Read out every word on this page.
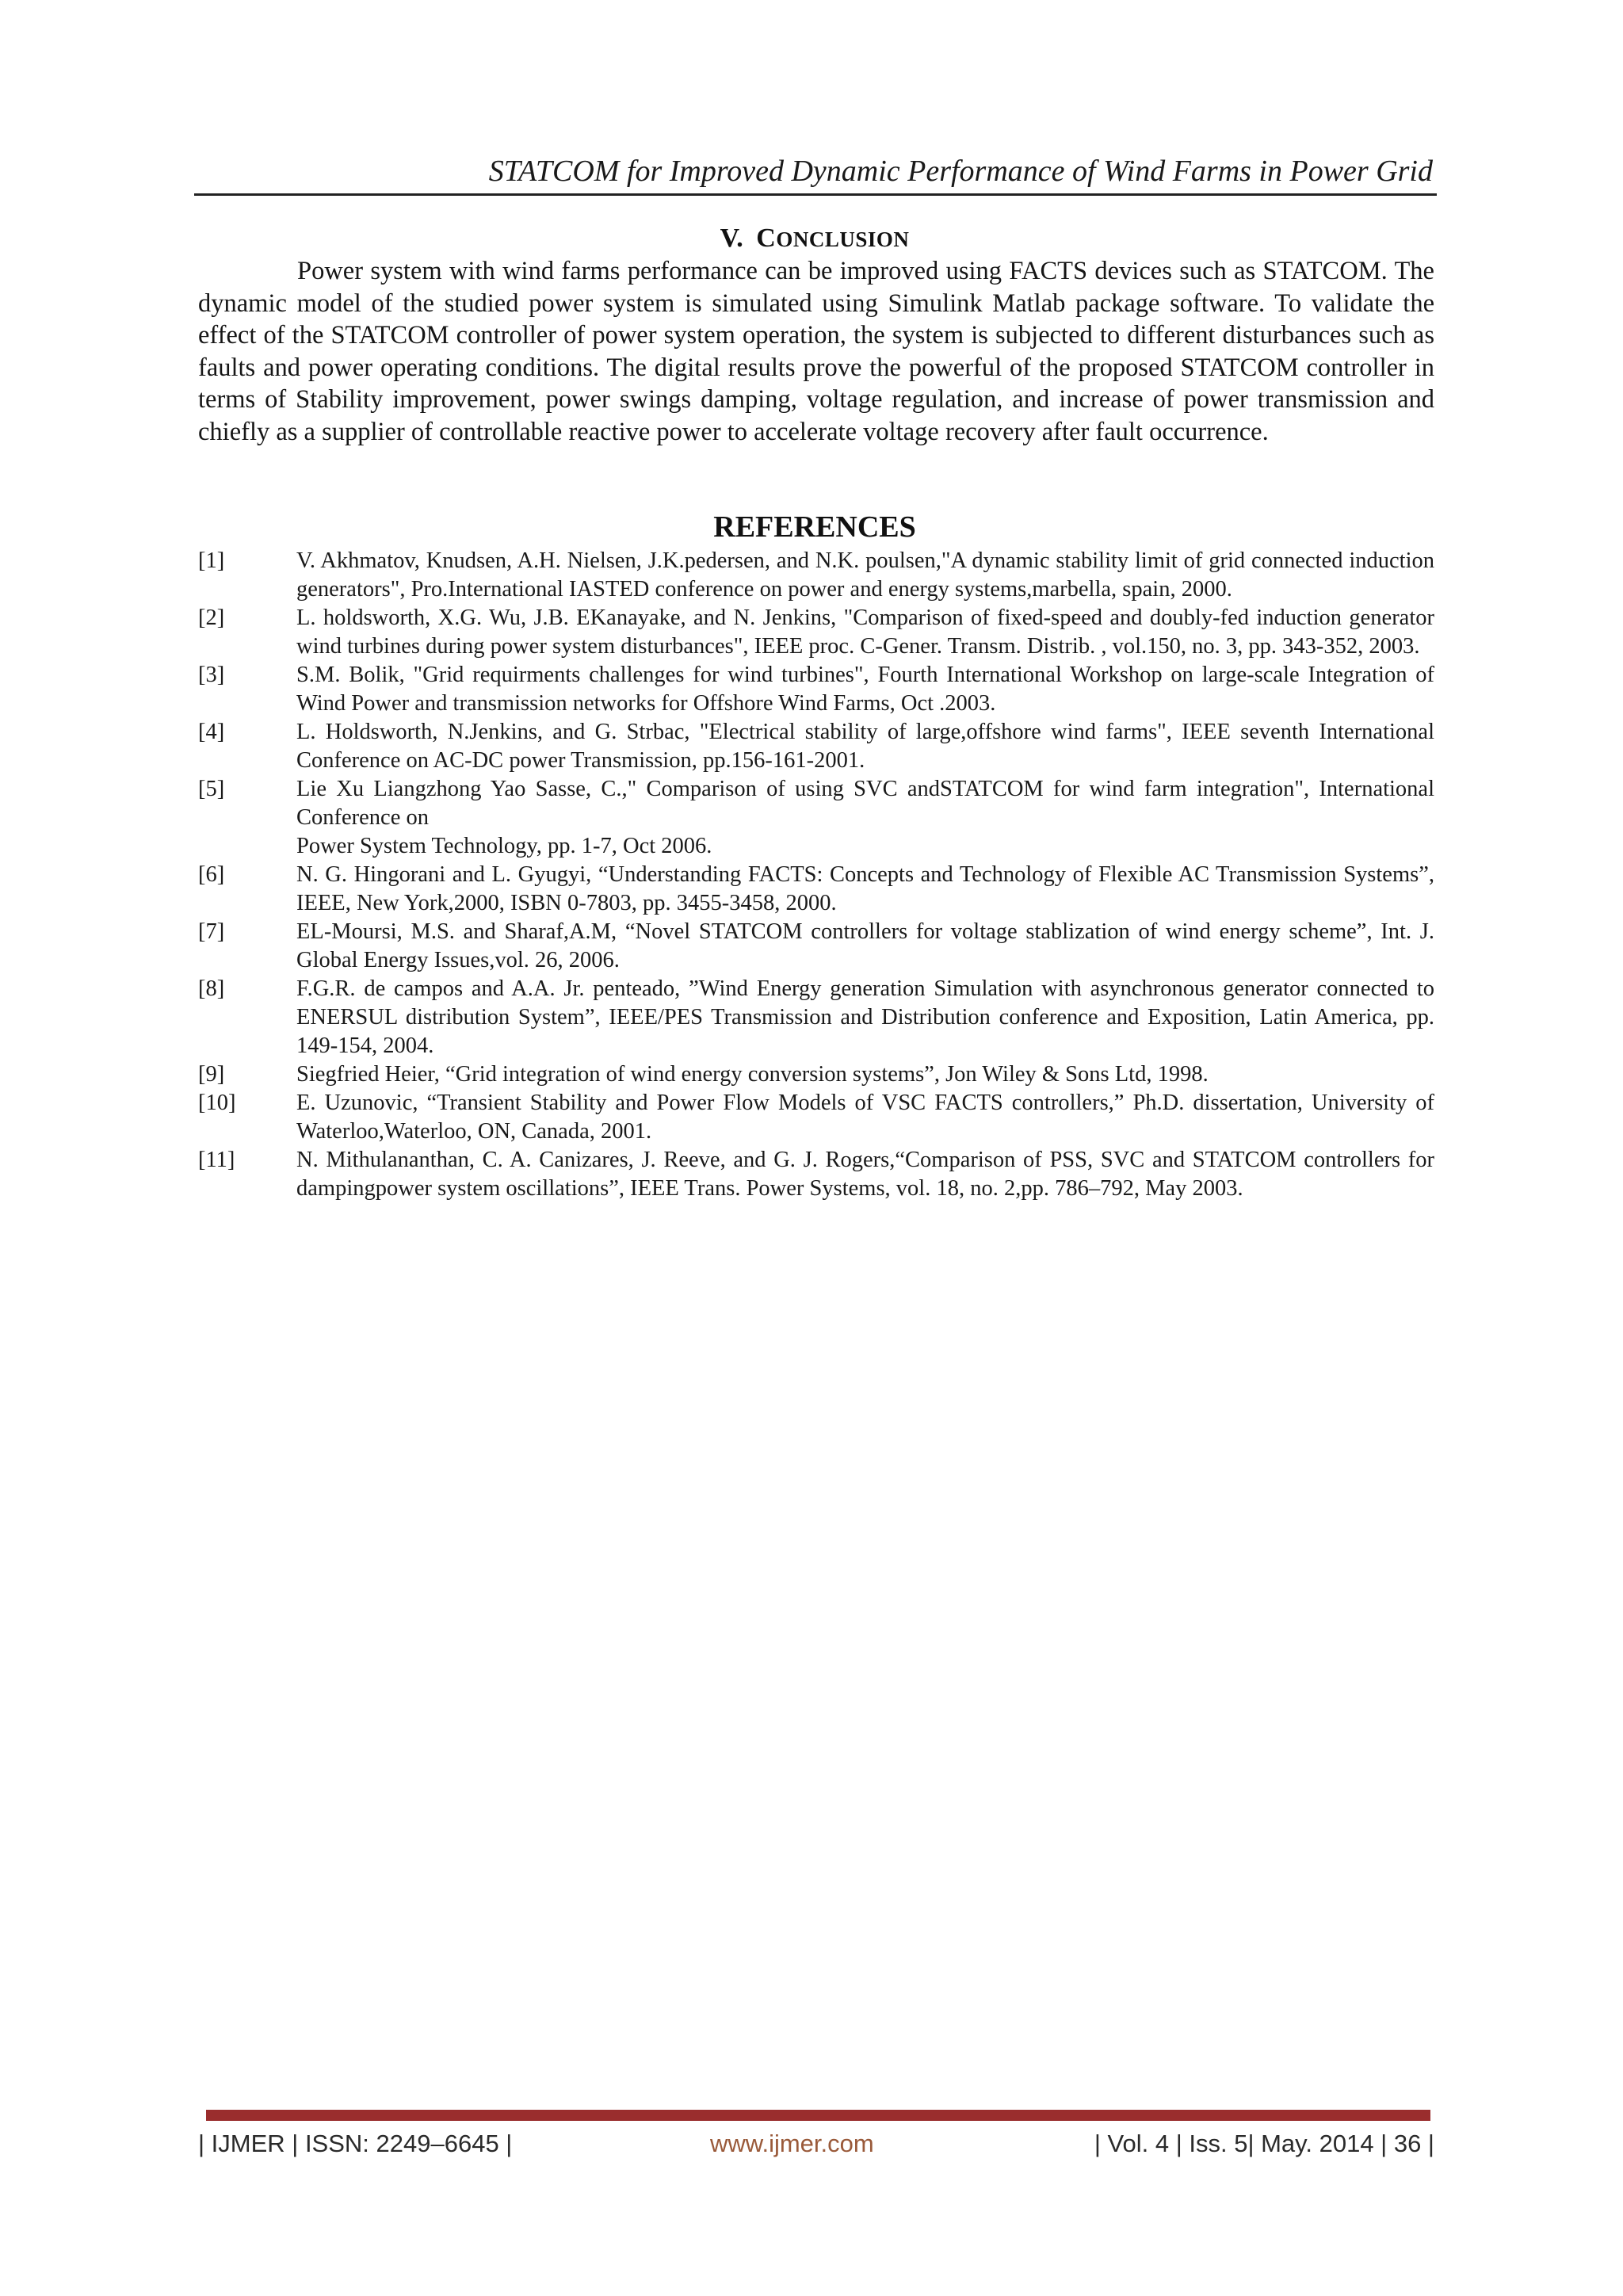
STATCOM for Improved Dynamic Performance of Wind Farms in Power Grid
V. CONCLUSION

Power system with wind farms performance can be improved using FACTS devices such as STATCOM. The dynamic model of the studied power system is simulated using Simulink Matlab package software. To validate the effect of the STATCOM controller of power system operation, the system is subjected to different disturbances such as faults and power operating conditions. The digital results prove the powerful of the proposed STATCOM controller in terms of Stability improvement, power swings damping, voltage regulation, and increase of power transmission and chiefly as a supplier of controllable reactive power to accelerate voltage recovery after fault occurrence.

REFERENCES
[1]	V. Akhmatov, Knudsen, A.H. Nielsen, J.K.pedersen, and N.K. poulsen,"A dynamic stability limit of grid connected induction generators", Pro.International IASTED conference on power and energy systems,marbella, spain, 2000.
[2]	L. holdsworth, X.G. Wu, J.B. EKanayake, and N. Jenkins, "Comparison of fixed-speed and doubly-fed induction generator wind turbines during power system disturbances", IEEE proc. C-Gener. Transm. Distrib. , vol.150, no. 3, pp. 343-352, 2003.
[3]	S.M. Bolik, "Grid requirments challenges for wind turbines", Fourth International Workshop on large-scale Integration of Wind Power and transmission networks for Offshore Wind Farms, Oct .2003.
[4]	L. Holdsworth, N.Jenkins, and G. Strbac, "Electrical stability of large,offshore wind farms", IEEE seventh International Conference on AC-DC power Transmission, pp.156-161-2001.
[5]	Lie Xu Liangzhong Yao Sasse, C.," Comparison of using SVC andSTATCOM for wind farm integration", International Conference on
Power System Technology, pp. 1-7, Oct 2006.
[6]	N. G. Hingorani and L. Gyugyi, “Understanding FACTS: Concepts and Technology of Flexible AC Transmission Systems”, IEEE, New York,2000, ISBN 0-7803, pp. 3455-3458, 2000.
[7]	EL-Moursi, M.S. and Sharaf,A.M, “Novel STATCOM controllers for voltage stablization of wind energy scheme”, Int. J. Global Energy Issues,vol. 26, 2006.
[8]	F.G.R. de campos and A.A. Jr. penteado, ”Wind Energy generation Simulation with asynchronous generator connected to ENERSUL distribution System”, IEEE/PES Transmission and Distribution conference and Exposition, Latin America, pp. 149-154, 2004.
[9]	Siegfried Heier, “Grid integration of wind energy conversion systems”, Jon Wiley & Sons Ltd, 1998.
[10]	E. Uzunovic, “Transient Stability and Power Flow Models of VSC FACTS controllers,” Ph.D. dissertation, University of Waterloo,Waterloo, ON, Canada, 2001.
[11]	N. Mithulananthan, C. A. Canizares, J. Reeve, and G. J. Rogers,“Comparison of PSS, SVC and STATCOM controllers for dampingpower system oscillations”, IEEE Trans. Power Systems, vol. 18, no. 2,pp. 786–792, May 2003.
| IJMER | ISSN: 2249–6645 |	www.ijmer.com	| Vol. 4 | Iss. 5| May. 2014 | 36 |
